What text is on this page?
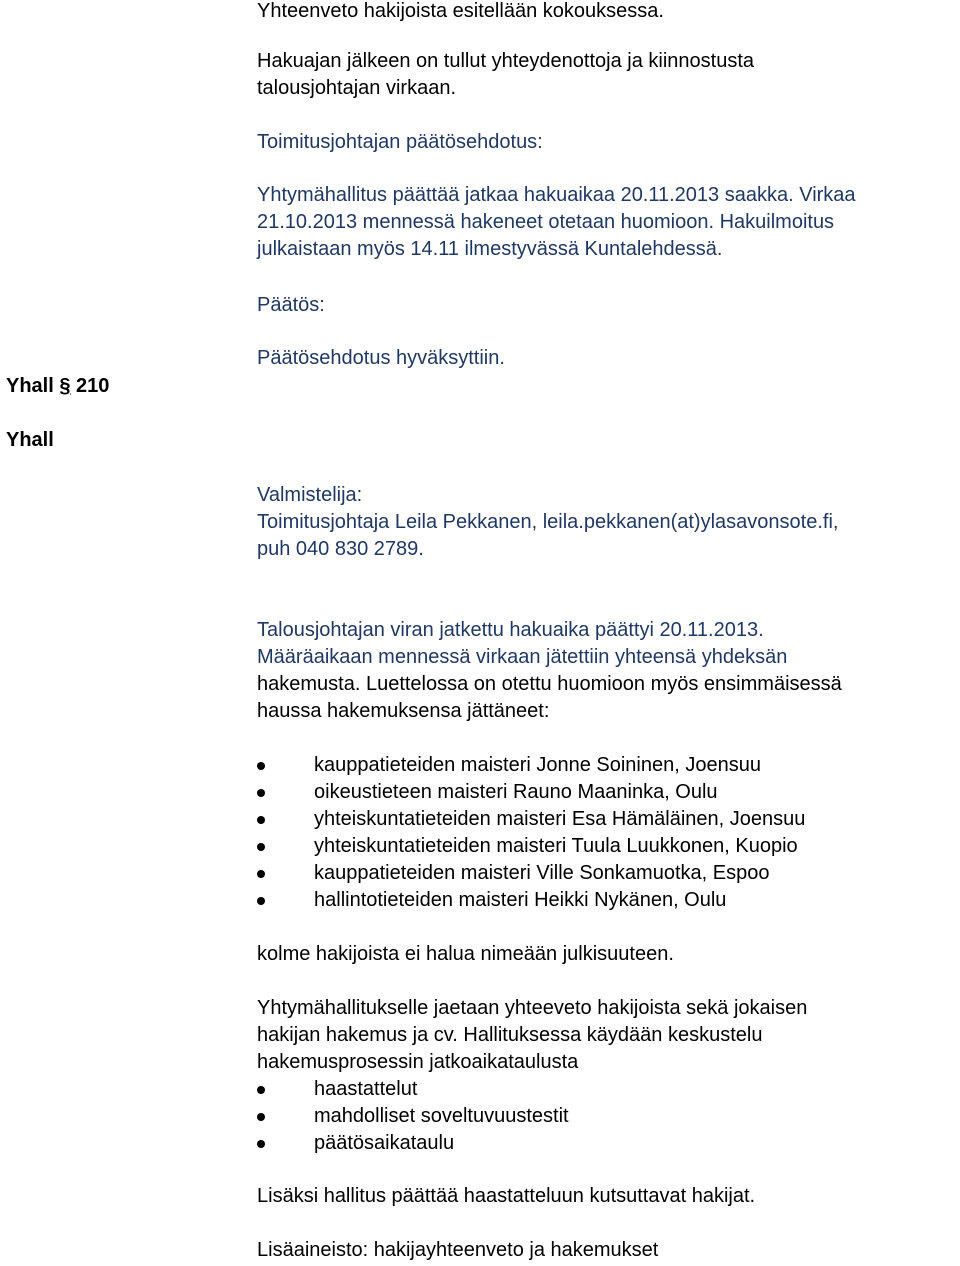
Yhteenveto hakijoista esitellään kokouksessa.
Hakuajan jälkeen on tullut yhteydenottoja ja kiinnostusta
talousjohtajan virkaan.
Toimitusjohtajan päätösehdotus:
Yhtymähallitus päättää jatkaa hakuaikaa 20.11.2013 saakka. Virkaa
21.10.2013 mennessä hakeneet otetaan huomioon. Hakuilmoitus
julkaistaan myös 14.11 ilmestyvässä Kuntalehdessä.
Päätös:
Päätösehdotus hyväksyttiin.
Yhall § 210
Yhall
Valmistelija:
Toimitusjohtaja Leila Pekkanen, leila.pekkanen(at)ylasavonsote.fi,
puh 040 830 2789.
Talousjohtajan viran jatkettu hakuaika päättyi 20.11.2013.
Määräaikaan mennessä virkaan jätettiin yhteensä yhdeksän
hakemusta. Luettelossa on otettu huomioon myös ensimmäisessä
haussa hakemuksensa jättäneet:
kauppatieteiden maisteri Jonne Soininen, Joensuu
oikeustieteen maisteri Rauno Maaninka, Oulu
yhteiskuntatieteiden maisteri Esa Hämäläinen, Joensuu
yhteiskuntatieteiden maisteri Tuula Luukkonen, Kuopio
kauppatieteiden maisteri Ville Sonkamuotka, Espoo
hallintotieteiden maisteri Heikki Nykänen, Oulu
kolme hakijoista ei halua nimeään julkisuuteen.
Yhtymähallitukselle jaetaan yhteeveto hakijoista sekä jokaisen
hakijan hakemus ja cv. Hallituksessa käydään keskustelu
hakemusprosessin jatkoaikataulusta
haastattelut
mahdolliset soveltuvuustestit
päätösaikataulu
Lisäksi hallitus päättää haastatteluun kutsuttavat hakijat.
Lisäaineisto: hakijayhteenveto ja hakemukset
